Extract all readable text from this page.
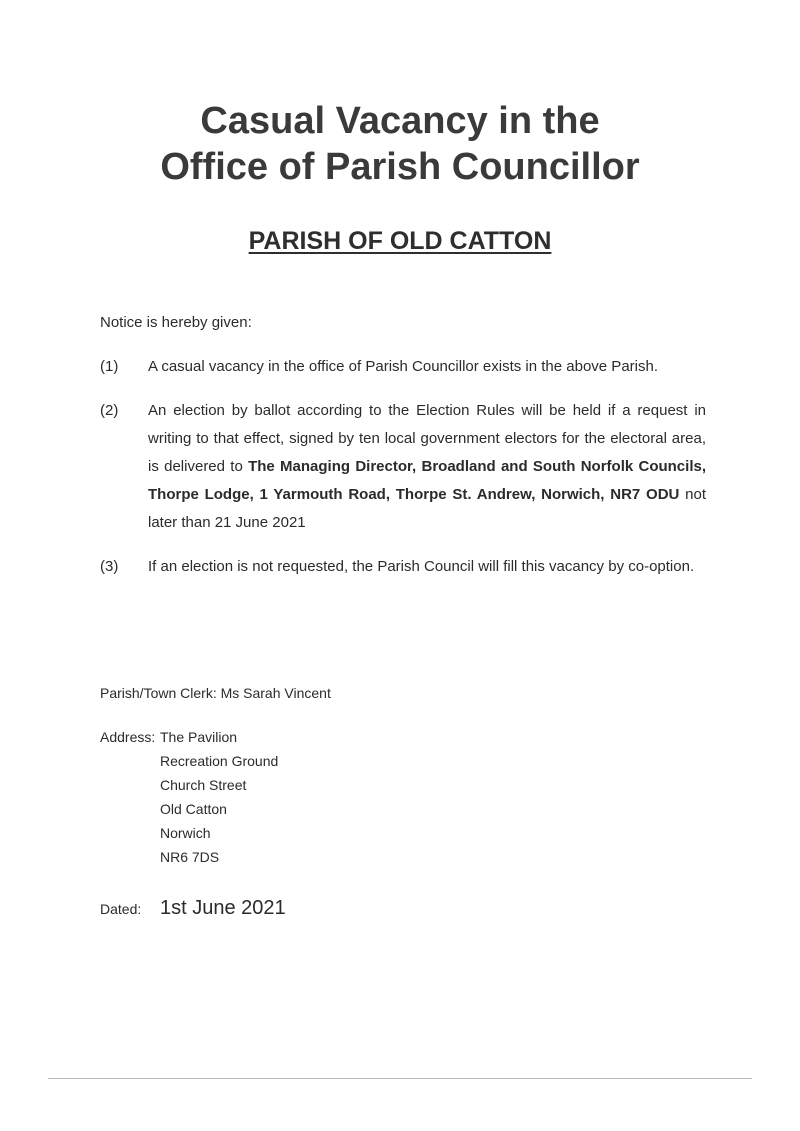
Casual Vacancy in the
Office of Parish Councillor
PARISH OF OLD CATTON
Notice is hereby given:
(1) A casual vacancy in the office of Parish Councillor exists in the above Parish.
(2) An election by ballot according to the Election Rules will be held if a request in writing to that effect, signed by ten local government electors for the electoral area, is delivered to The Managing Director, Broadland and South Norfolk Councils, Thorpe Lodge, 1 Yarmouth Road, Thorpe St. Andrew, Norwich, NR7 ODU not later than 21 June 2021
(3) If an election is not requested, the Parish Council will fill this vacancy by co-option.
Parish/Town Clerk: Ms Sarah Vincent
Address: The Pavilion
Recreation Ground
Church Street
Old Catton
Norwich
NR6 7DS
Dated: 1st June 2021
